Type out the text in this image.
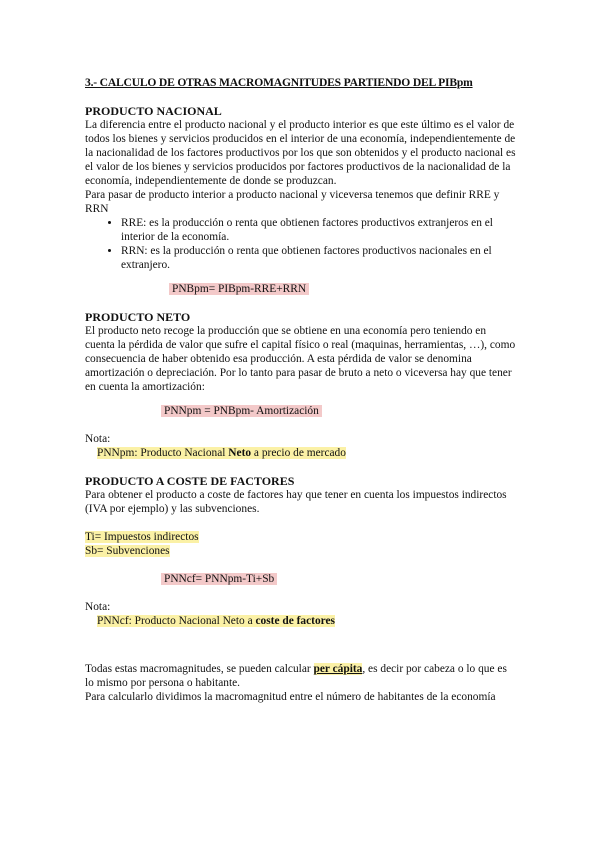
3.- CALCULO DE OTRAS MACROMAGNITUDES PARTIENDO DEL PIBpm
PRODUCTO NACIONAL

La diferencia entre el producto nacional y el producto interior es que este último es el valor de todos los bienes y servicios producidos en el interior de una economía, independientemente de la nacionalidad de los factores productivos por los que son obtenidos y el producto nacional es el valor de los bienes y servicios producidos por factores productivos de la nacionalidad de la economía, independientemente de donde se produzcan.

Para pasar de producto interior a producto nacional y viceversa tenemos que definir RRE y RRN

• RRE: es la producción o renta que obtienen factores productivos extranjeros en el interior de la economía.
• RRN: es la producción o renta que obtienen factores productivos nacionales en el extranjero.

PNBpm= PIBpm-RRE+RRN

PRODUCTO NETO

El producto neto recoge la producción que se obtiene en una economía pero teniendo en cuenta la pérdida de valor que sufre el capital físico o real (maquinas, herramientas, …), como consecuencia de haber obtenido esa producción. A esta pérdida de valor se denomina amortización o depreciación. Por lo tanto para pasar de bruto a neto o viceversa hay que tener en cuenta la amortización:

PNNpm = PNBpm- Amortización

Nota:

PNNpm: Producto Nacional Neto a precio de mercado

PRODUCTO A COSTE DE FACTORES

Para obtener el producto a coste de factores hay que tener en cuenta los impuestos indirectos (IVA por ejemplo) y las subvenciones.

Ti= Impuestos indirectos

Sb= Subvenciones

PNNcf= PNNpm-Ti+Sb

Nota:

PNNcf: Producto Nacional Neto a coste de factores

Todas estas macromagnitudes, se pueden calcular per cápita, es decir por cabeza o lo que es lo mismo por persona o habitante.

Para calcularlo dividimos la macromagnitud entre el número de habitantes de la economía
